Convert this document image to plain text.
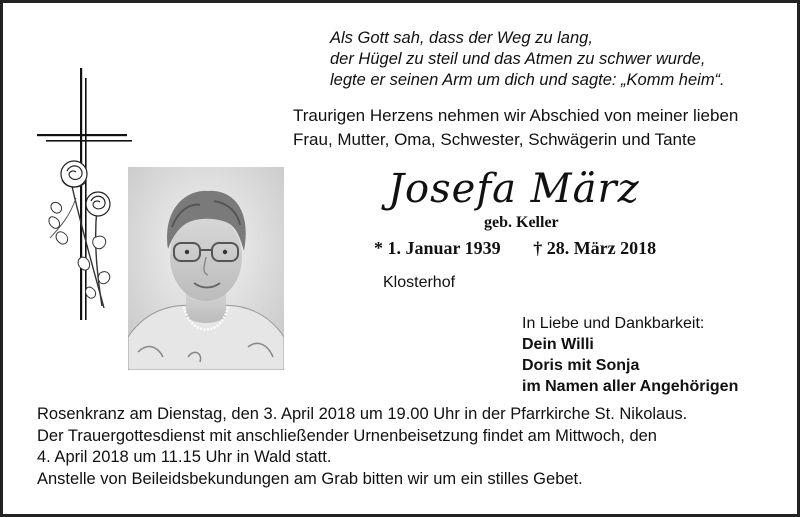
Als Gott sah, dass der Weg zu lang,
der Hügel zu steil und das Atmen zu schwer wurde,
legte er seinen Arm um dich und sagte: „Komm heim“.
Traurigen Herzens nehmen wir Abschied von meiner lieben
Frau, Mutter, Oma, Schwester, Schwägerin und Tante
Josefa März
geb. Keller
* 1. Januar 1939 † 28. März 2018
Klosterhof
In Liebe und Dankbarkeit:
Dein Willi
Doris mit Sonja
im Namen aller Angehörigen
Rosenkranz am Dienstag, den 3. April 2018 um 19.00 Uhr in der Pfarrkirche St. Nikolaus.
Der Trauergottesdienst mit anschließender Urnenbeisetzung findet am Mittwoch, den
4. April 2018 um 11.15 Uhr in Wald statt.
Anstelle von Beileidsbekundungen am Grab bitten wir um ein stilles Gebet.
